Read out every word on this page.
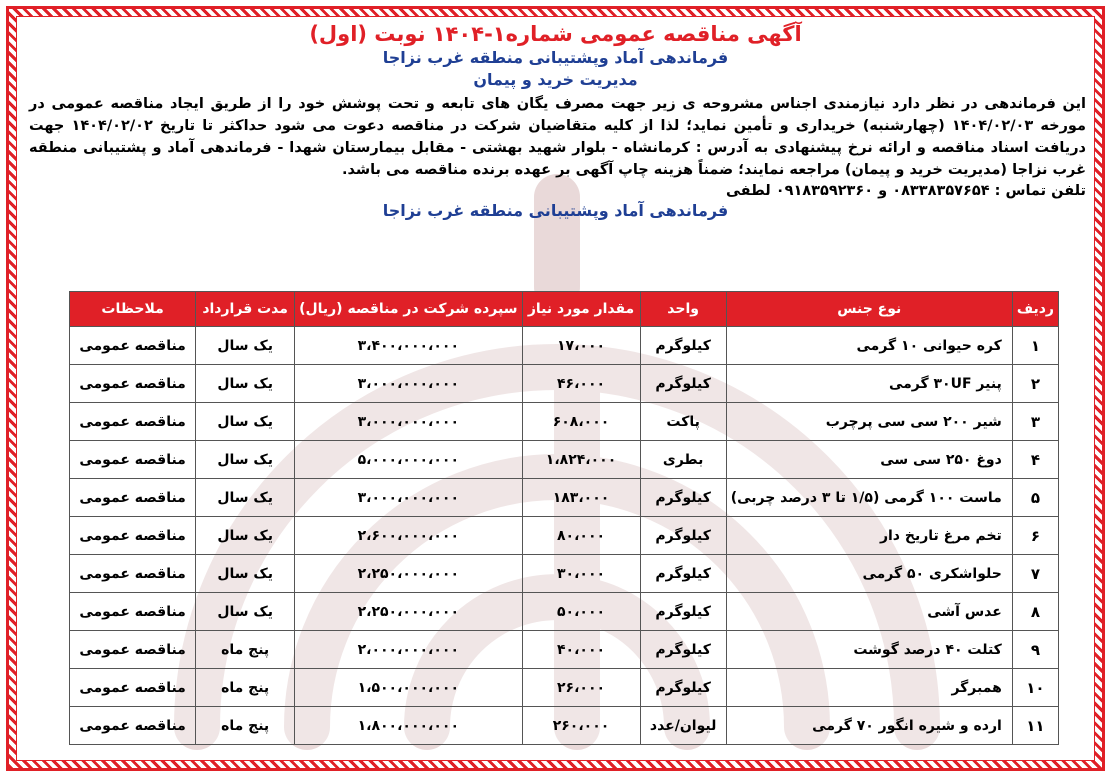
آگهی مناقصه عمومی شماره۱-۱۴۰۴ نوبت (اول)
فرماندهی آماد وپشتیبانی منطقه غرب نزاجا
مدیریت خرید و پیمان
این فرماندهی در نظر دارد نیازمندی اجناس مشروحه ی زیر جهت مصرف یگان های تابعه و تحت پوشش خود را از طریق ایجاد مناقصه عمومی در مورخه ۱۴۰۴/۰۲/۰۳ (چهارشنبه) خریداری و تأمین نماید؛ لذا از کلیه متقاضیان شرکت در مناقصه دعوت می شود حداکثر تا تاریخ ۱۴۰۴/۰۲/۰۲ جهت دریافت اسناد مناقصه و ارائه نرخ پیشنهادی به آدرس : کرمانشاه - بلوار شهید بهشتی - مقابل بیمارستان شهدا - فرماندهی آماد و پشتیبانی منطقه غرب نزاجا (مدیریت خرید و پیمان) مراجعه نمایند؛ ضمناً هزینه چاپ آگهی بر عهده برنده مناقصه می باشد.
تلفن تماس : ۰۸۳۳۸۳۵۷۶۵۴ و ۰۹۱۸۳۵۹۲۳۶۰ لطفی
فرماندهی آماد وپشتیبانی منطقه غرب نزاجا
ردیف	نوع جنس	واحد	مقدار مورد نیاز	سپرده شرکت در مناقصه (ریال)	مدت قرارداد	ملاحظات
۱	کره حیوانی ۱۰ گرمی	کیلوگرم	۱۷،۰۰۰	۳،۴۰۰،۰۰۰،۰۰۰	یک سال	مناقصه عمومی
۲	پنیر ۳۰UF گرمی	کیلوگرم	۴۶،۰۰۰	۳،۰۰۰،۰۰۰،۰۰۰	یک سال	مناقصه عمومی
۳	شیر ۲۰۰ سی سی پرچرب	پاکت	۶۰۸،۰۰۰	۳،۰۰۰،۰۰۰،۰۰۰	یک سال	مناقصه عمومی
۴	دوغ ۲۵۰ سی سی	بطری	۱،۸۲۴،۰۰۰	۵،۰۰۰،۰۰۰،۰۰۰	یک سال	مناقصه عمومی
۵	ماست ۱۰۰ گرمی (۱/۵ تا ۳ درصد چربی)	کیلوگرم	۱۸۳،۰۰۰	۳،۰۰۰،۰۰۰،۰۰۰	یک سال	مناقصه عمومی
۶	تخم مرغ تاریخ دار	کیلوگرم	۸۰،۰۰۰	۲،۶۰۰،۰۰۰،۰۰۰	یک سال	مناقصه عمومی
۷	حلواشکری ۵۰ گرمی	کیلوگرم	۳۰،۰۰۰	۲،۲۵۰،۰۰۰،۰۰۰	یک سال	مناقصه عمومی
۸	عدس آشی	کیلوگرم	۵۰،۰۰۰	۲،۲۵۰،۰۰۰،۰۰۰	یک سال	مناقصه عمومی
۹	کتلت ۴۰ درصد گوشت	کیلوگرم	۴۰،۰۰۰	۲،۰۰۰،۰۰۰،۰۰۰	پنج ماه	مناقصه عمومی
۱۰	همبرگر	کیلوگرم	۲۶،۰۰۰	۱،۵۰۰،۰۰۰،۰۰۰	پنج ماه	مناقصه عمومی
۱۱	ارده و شیره انگور ۷۰ گرمی	لیوان/عدد	۲۶۰،۰۰۰	۱،۸۰۰،۰۰۰،۰۰۰	پنج ماه	مناقصه عمومی
